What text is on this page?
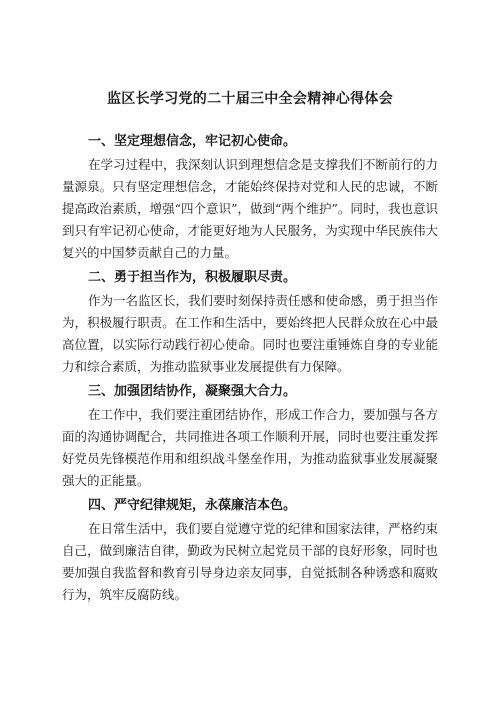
监区长学习党的二十届三中全会精神心得体会
一、坚定理想信念，牢记初心使命。

在学习过程中，我深刻认识到理想信念是支撑我们不断前行的力量源泉。只有坚定理想信念，才能始终保持对党和人民的忠诚，不断提高政治素质，增强“四个意识”，做到“两个维护”。同时，我也意识到只有牢记初心使命，才能更好地为人民服务，为实现中华民族伟大复兴的中国梦贡献自己的力量。

二、勇于担当作为，积极履职尽责。

作为一名监区长，我们要时刻保持责任感和使命感，勇于担当作为，积极履行职责。在工作和生活中，要始终把人民群众放在心中最高位置，以实际行动践行初心使命。同时也要注重锤炼自身的专业能力和综合素质，为推动监狱事业发展提供有力保障。

三、加强团结协作，凝聚强大合力。

在工作中，我们要注重团结协作，形成工作合力，要加强与各方面的沟通协调配合，共同推进各项工作顺利开展，同时也要注重发挥好党员先锋模范作用和组织战斗堡垒作用，为推动监狱事业发展凝聚强大的正能量。

四、严守纪律规矩，永葆廉洁本色。

在日常生活中，我们要自觉遵守党的纪律和国家法律，严格约束自己，做到廉洁自律，勤政为民树立起党员干部的良好形象，同时也要加强自我监督和教育引导身边亲友同事，自觉抵制各种诱惑和腐败行为，筑牢反腐防线。
